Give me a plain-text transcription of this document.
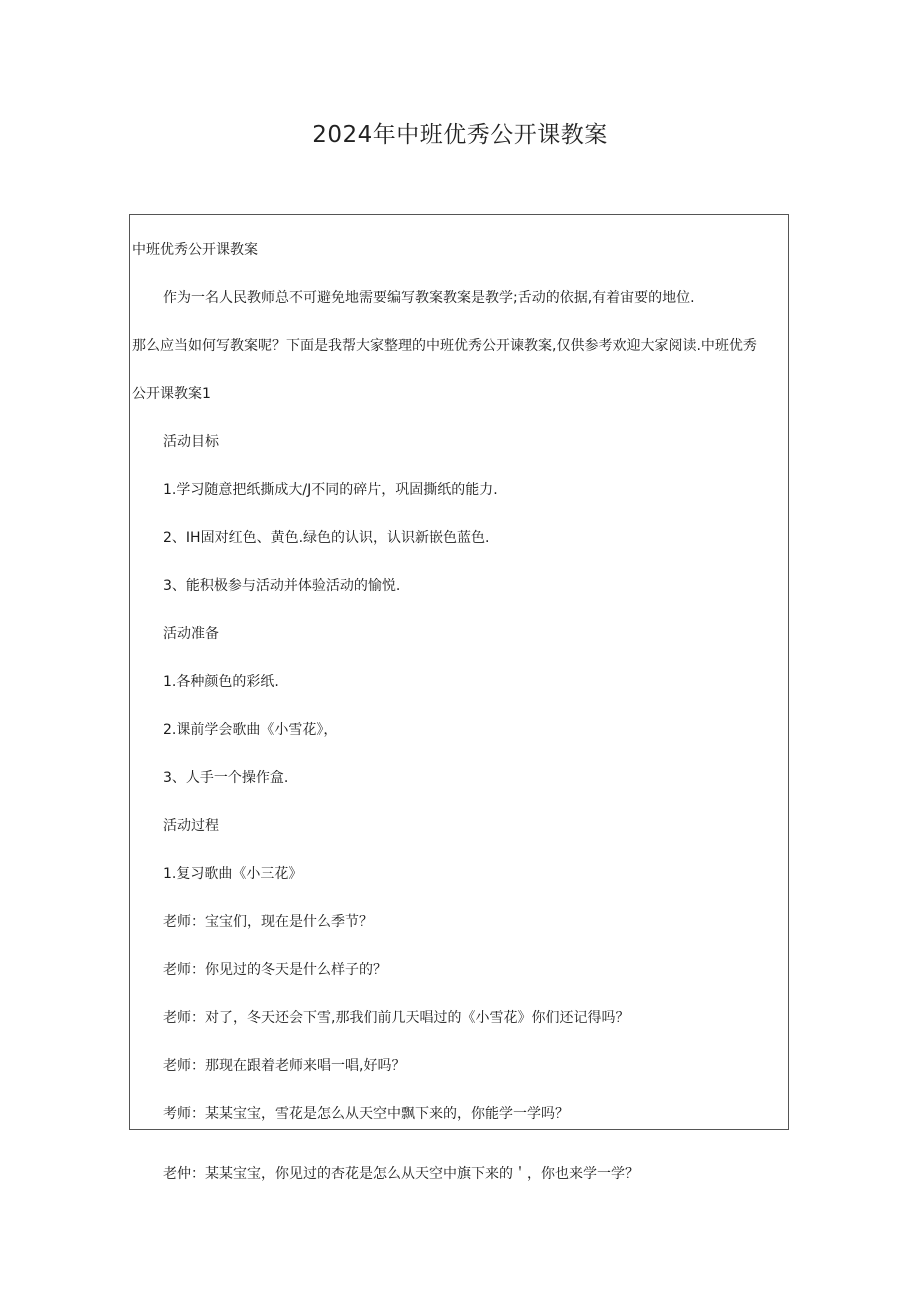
2024年中班优秀公开课教案
中班优秀公开课教案
作为一名人民教师总不可避免地需要编写教案教案是教学;舌动的依据,有着宙要的地位.
那么应当如何写教案呢？下面是我帮大家整理的中班优秀公开谏教案,仅供参考欢迎大家阅读.中班优秀
公开课教案1
活动目标
1.学习随意把纸撕成大/J不同的碎片，巩固撕纸的能力.
2、IH固对红色、黄色.绿色的认识，认识新嵌色蓝色.
3、能积极参与活动并体验活动的愉悦.
活动准备
1.各种颜色的彩纸.
2.课前学会歌曲《小雪花》，
3、人手一个操作盒.
活动过程
1.复习歌曲《小三花》
老师：宝宝们，现在是什么季节？
老师：你见过的冬天是什么样子的？
老师：对了，冬天还会下雪,那我们前几天唱过的《小雪花》你们还记得吗？
老师：那现在跟着老师来唱一唱,好吗？
考师：某某宝宝，雪花是怎么从天空中飘下来的，你能学一学吗？
老仲：某某宝宝，你见过的杏花是怎么从天空中旗下来的＇，你也来学一学？
